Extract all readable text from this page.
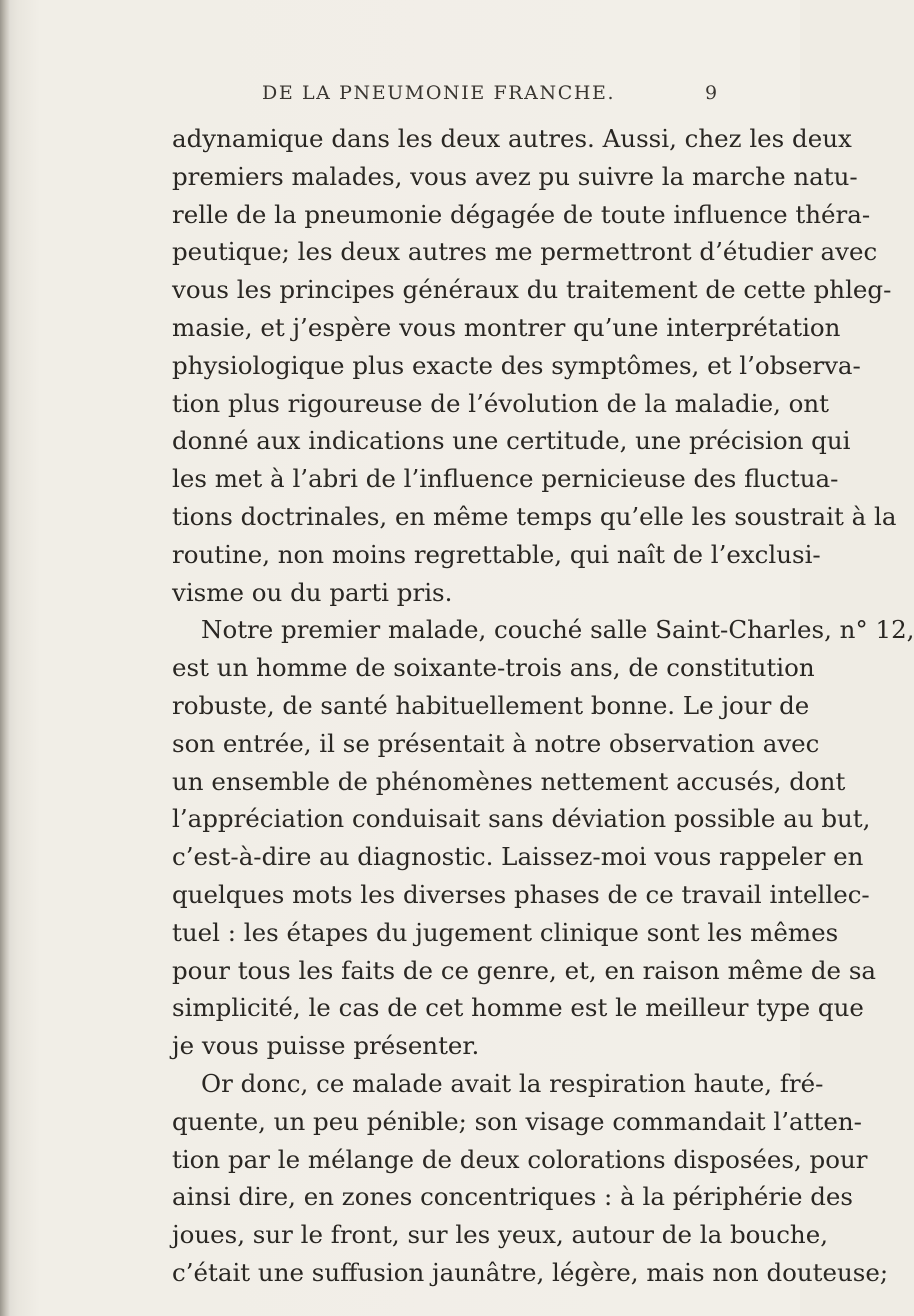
DE LA PNEUMONIE FRANCHE.	9
adynamique dans les deux autres. Aussi, chez les deux
premiers malades, vous avez pu suivre la marche natu-
relle de la pneumonie dégagée de toute influence théra-
peutique; les deux autres me permettront d’étudier avec
vous les principes généraux du traitement de cette phleg-
masie, et j’espère vous montrer qu’une interprétation
physiologique plus exacte des symptômes, et l’observa-
tion plus rigoureuse de l’évolution de la maladie, ont
donné aux indications une certitude, une précision qui
les met à l’abri de l’influence pernicieuse des fluctua-
tions doctrinales, en même temps qu’elle les soustrait à la
routine, non moins regrettable, qui naît de l’exclusi-
visme ou du parti pris.
Notre premier malade, couché salle Saint-Charles, n° 12,
est un homme de soixante-trois ans, de constitution
robuste, de santé habituellement bonne. Le jour de
son entrée, il se présentait à notre observation avec
un ensemble de phénomènes nettement accusés, dont
l’appréciation conduisait sans déviation possible au but,
c’est-à-dire au diagnostic. Laissez-moi vous rappeler en
quelques mots les diverses phases de ce travail intellec-
tuel : les étapes du jugement clinique sont les mêmes
pour tous les faits de ce genre, et, en raison même de sa
simplicité, le cas de cet homme est le meilleur type que
je vous puisse présenter.
Or donc, ce malade avait la respiration haute, fré-
quente, un peu pénible; son visage commandait l’atten-
tion par le mélange de deux colorations disposées, pour
ainsi dire, en zones concentriques : à la périphérie des
joues, sur le front, sur les yeux, autour de la bouche,
c’était une suffusion jaunâtre, légère, mais non douteuse;
